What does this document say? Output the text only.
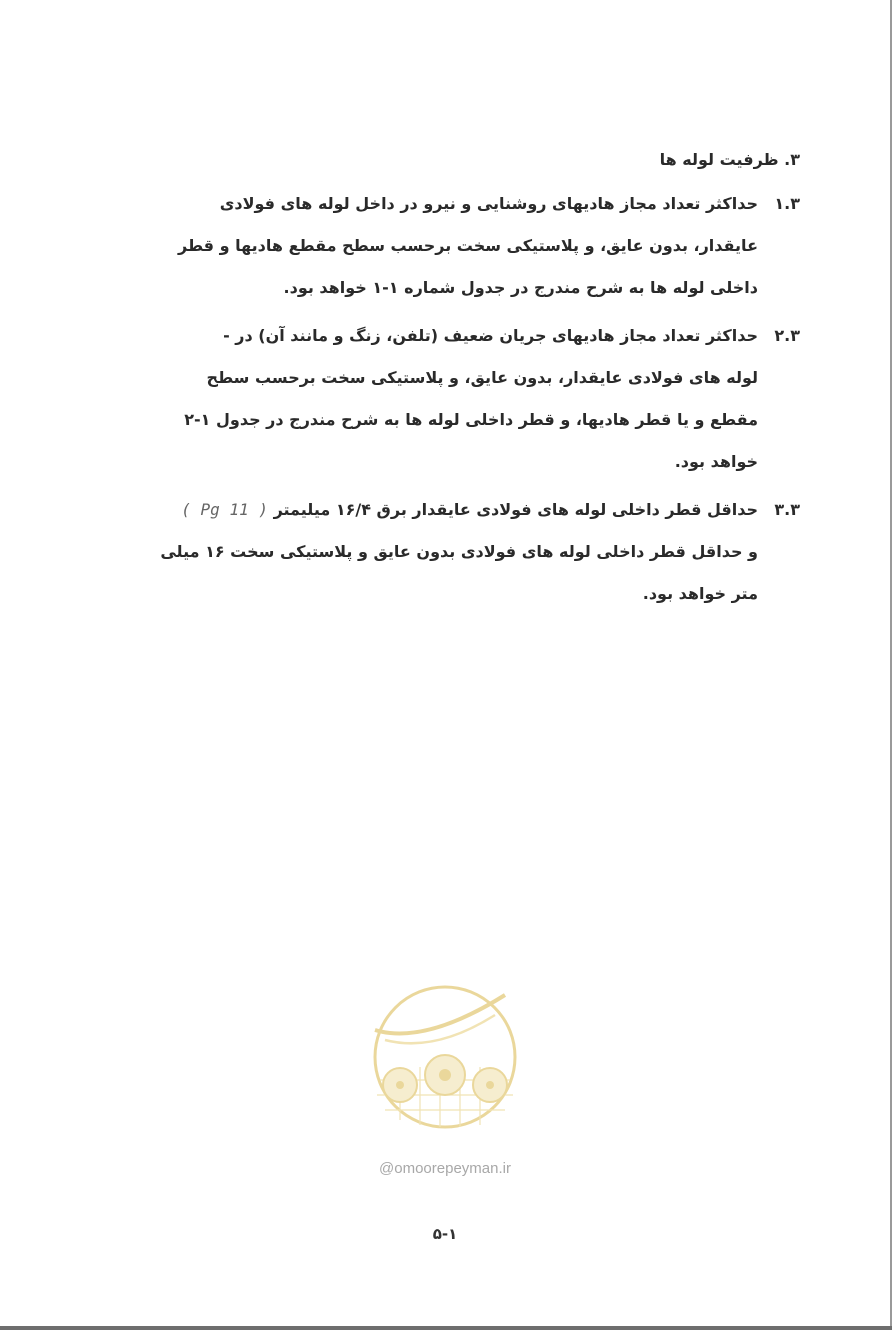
۳. ظرفیت لوله ها
۱.۳
حداکثر تعداد مجاز هادیهای روشنایی و نیرو در داخل لوله های فولادی
عایقدار، بدون عایق، و پلاستیکی سخت برحسب سطح مقطع هادیها و قطر
داخلی لوله ها به شرح مندرج در جدول شماره ۱-۱ خواهد بود.
۲.۳
حداکثر تعداد مجاز هادیهای جریان ضعیف (تلفن، زنگ و مانند آن) در -
لوله های فولادی عایقدار، بدون عایق، و پلاستیکی سخت برحسب سطح
مقطع و یا قطر هادیها، و قطر داخلی لوله ها به شرح مندرج در جدول ۱-۲
خواهد بود.
۳.۳
حداقل قطر داخلی لوله های فولادی عایقدار برق ۱۶/۴ میلیمتر ( Pg 11 )
و حداقل قطر داخلی لوله های فولادی بدون عایق و پلاستیکی سخت ۱۶ میلی
متر خواهد بود.
@omoorepeyman.ir
۵-۱
